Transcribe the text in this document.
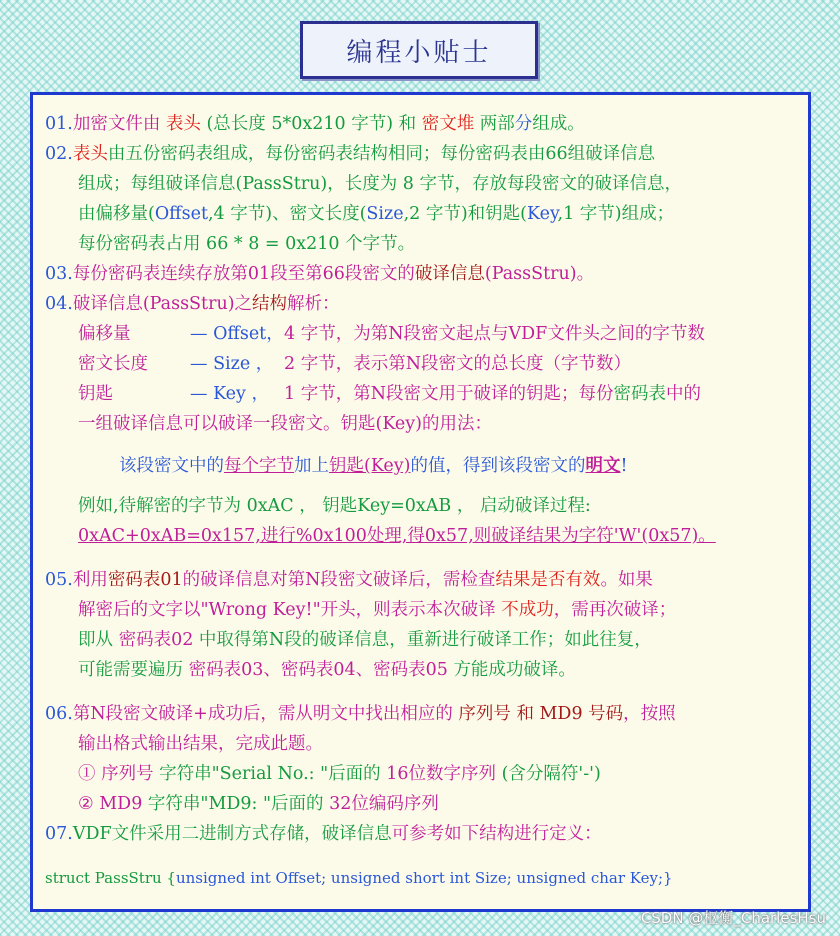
编程小贴士
01.加密文件由 表头 (总长度 5*0x210 字节) 和 密文堆 两部分组成。
02.表头由五份密码表组成，每份密码表结构相同；每份密码表由66组破译信息
组成；每组破译信息(PassStru)，长度为 8 字节，存放每段密文的破译信息，
由偏移量(Offset,4 字节)、密文长度(Size,2 字节)和钥匙(Key,1 字节)组成；
每份密码表占用 66 * 8 = 0x210 个字节。
03.每份密码表连续存放第01段至第66段密文的破译信息(PassStru)。
04.破译信息(PassStru)之结构解析：
偏移量	— Offset，4 字节，为第N段密文起点与VDF文件头之间的字节数
密文长度 — Size ， 2 字节，表示第N段密文的总长度（字节数）
钥匙	— Key ， 1 字节，第N段密文用于破译的钥匙；每份密码表中的
一组破译信息可以破译一段密文。钥匙(Key)的用法：
该段密文中的每个字节加上钥匙(Key)的值，得到该段密文的明文!
例如,待解密的字节为 0xAC ， 钥匙Key=0xAB ， 启动破译过程:
0xAC+0xAB=0x157,进行%0x100处理,得0x57,则破译结果为字符'W'(0x57)。
05.利用密码表01的破译信息对第N段密文破译后，需检查结果是否有效。如果
解密后的文字以"Wrong Key!"开头，则表示本次破译 不成功，需再次破译；
即从 密码表02 中取得第N段的破译信息，重新进行破译工作；如此往复，
可能需要遍历 密码表03、密码表04、密码表05 方能成功破译。
06.第N段密文破译+成功后，需从明文中找出相应的 序列号 和 MD9 号码，按照
输出格式输出结果，完成此题。
① 序列号 字符串"Serial No.: "后面的 16位数字序列 (含分隔符'-')
② MD9 字符串"MD9: "后面的 32位编码序列
07.VDF文件采用二进制方式存储，破译信息可参考如下结构进行定义：
struct PassStru {unsigned int Offset; unsigned short int Size; unsigned char Key;}
CSDN @枢衡_CharlesHsu
